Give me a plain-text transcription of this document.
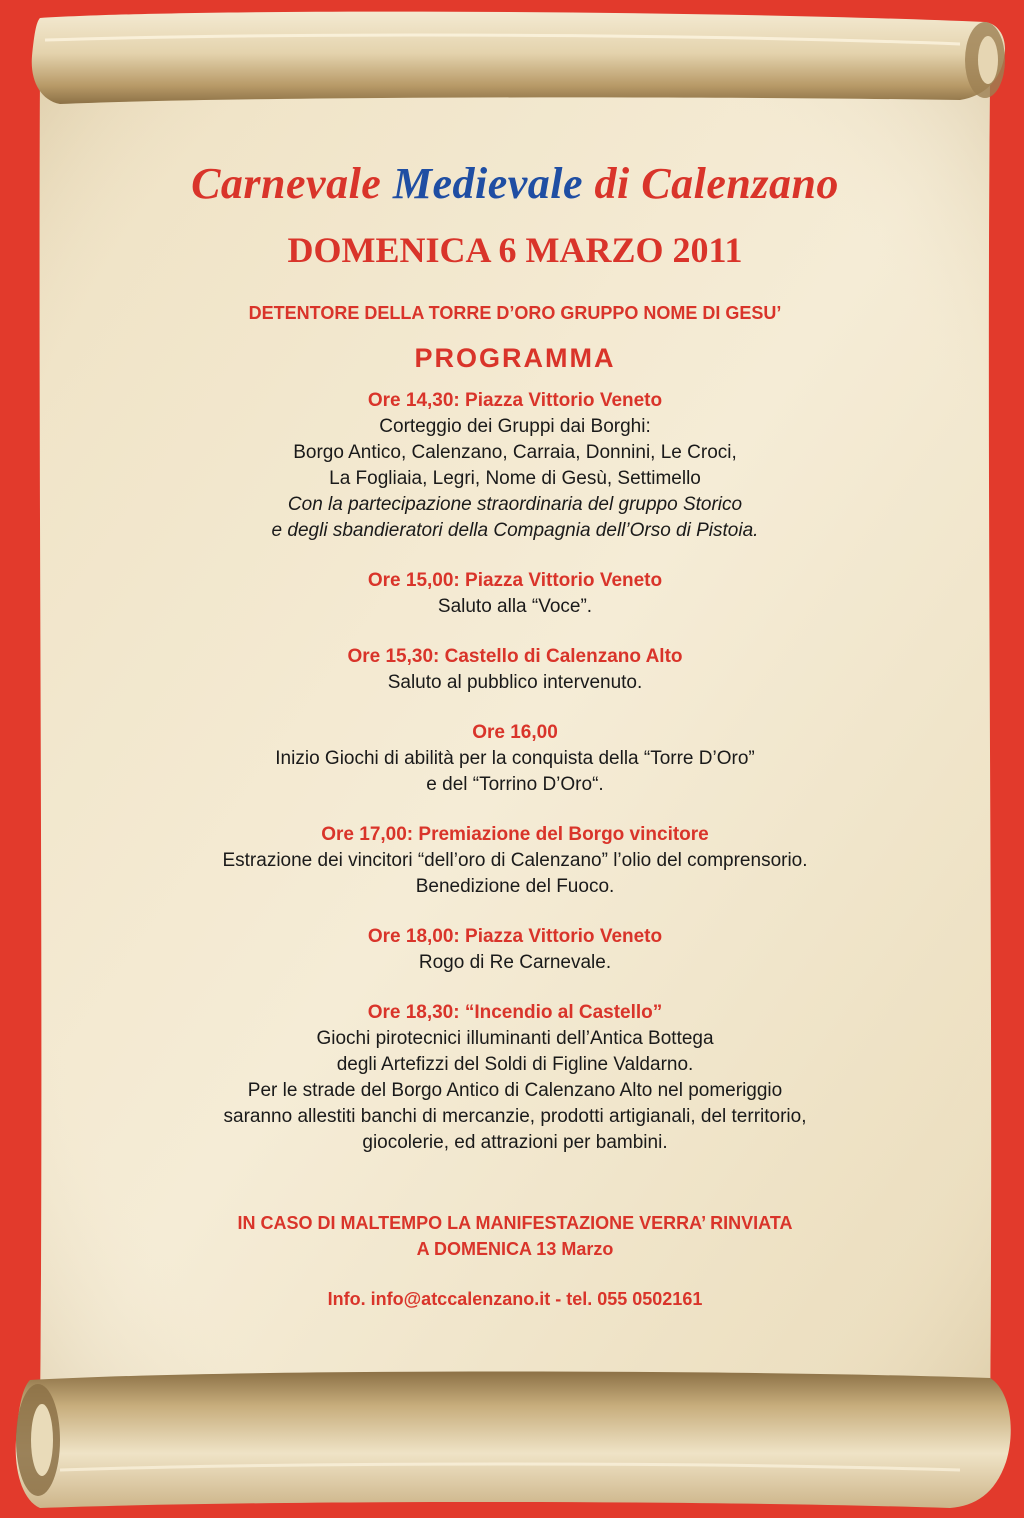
Carnevale Medievale di Calenzano
DOMENICA 6 MARZO 2011
DETENTORE DELLA TORRE D’ORO GRUPPO NOME DI GESU’
PROGRAMMA
Ore 14,30: Piazza Vittorio Veneto
Corteggio dei Gruppi dai Borghi:
Borgo Antico, Calenzano, Carraia, Donnini, Le Croci,
La Fogliaia, Legri, Nome di Gesù, Settimello
Con la partecipazione straordinaria del gruppo Storico
e degli sbandieratori della Compagnia dell’Orso di Pistoia.
Ore 15,00: Piazza Vittorio Veneto
Saluto alla “Voce”.
Ore 15,30: Castello di Calenzano Alto
Saluto al pubblico intervenuto.
Ore 16,00
Inizio Giochi di abilità per la conquista della “Torre D’Oro”
e del “Torrino D’Oro“.
Ore 17,00: Premiazione del Borgo vincitore
Estrazione dei vincitori “dell’oro di Calenzano” l’olio del comprensorio.
Benedizione del Fuoco.
Ore 18,00: Piazza Vittorio Veneto
Rogo di Re Carnevale.
Ore 18,30: “Incendio al Castello”
Giochi pirotecnici illuminanti dell’Antica Bottega
degli Artefizzi del Soldi di Figline Valdarno.
Per le strade del Borgo Antico di Calenzano Alto nel pomeriggio
saranno allestiti banchi di mercanzie, prodotti artigianali, del territorio,
giocolerie, ed attrazioni per bambini.
IN CASO DI MALTEMPO LA MANIFESTAZIONE VERRA’ RINVIATA
A DOMENICA 13 Marzo
Info. info@atccalenzano.it - tel. 055 0502161
